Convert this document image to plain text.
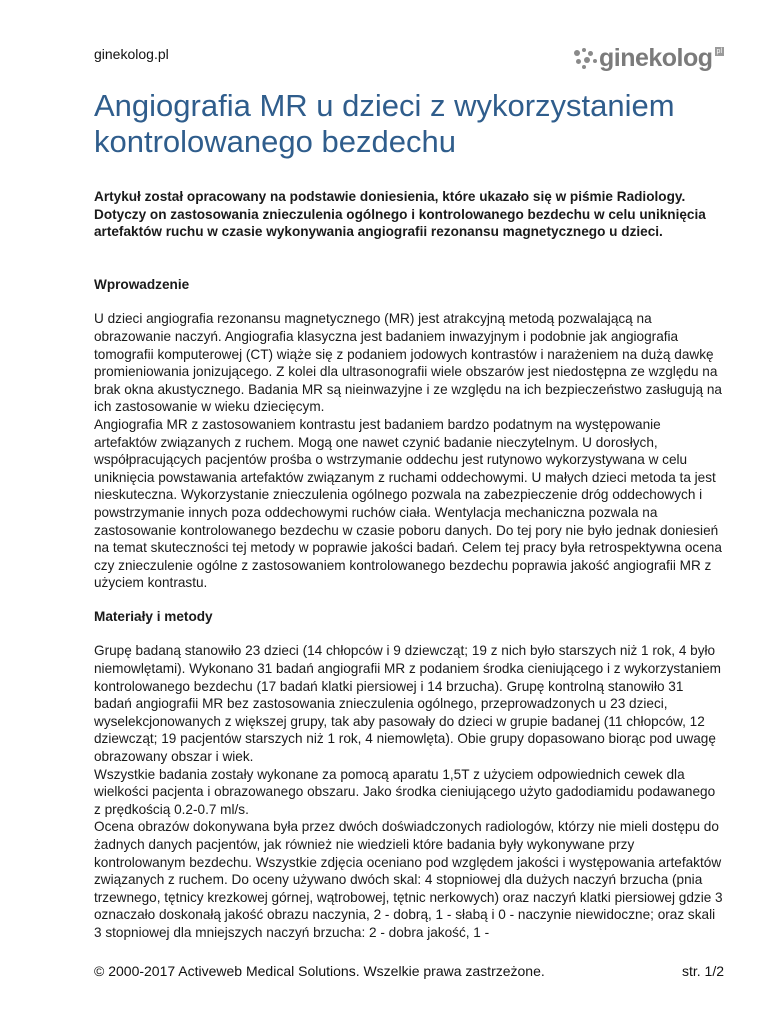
ginekolog.pl	ginekolog pl
Angiografia MR u dzieci z wykorzystaniem kontrolowanego bezdechu

Artykuł został opracowany na podstawie doniesienia, które ukazało się w piśmie Radiology. Dotyczy on zastosowania znieczulenia ogólnego i kontrolowanego bezdechu w celu uniknięcia artefaktów ruchu w czasie wykonywania angiografii rezonansu magnetycznego u dzieci.

Wprowadzenie

U dzieci angiografia rezonansu magnetycznego (MR) jest atrakcyjną metodą pozwalającą na obrazowanie naczyń. Angiografia klasyczna jest badaniem inwazyjnym i podobnie jak angiografia tomografii komputerowej (CT) wiąże się z podaniem jodowych kontrastów i narażeniem na dużą dawkę promieniowania jonizującego. Z kolei dla ultrasonografii wiele obszarów jest niedostępna ze względu na brak okna akustycznego. Badania MR są nieinwazyjne i ze względu na ich bezpieczeństwo zasługują na ich zastosowanie w wieku dziecięcym.

Angiografia MR z zastosowaniem kontrastu jest badaniem bardzo podatnym na występowanie artefaktów związanych z ruchem. Mogą one nawet czynić badanie nieczytelnym. U dorosłych, współpracujących pacjentów prośba o wstrzymanie oddechu jest rutynowo wykorzystywana w celu uniknięcia powstawania artefaktów związanym z ruchami oddechowymi. U małych dzieci metoda ta jest nieskuteczna. Wykorzystanie znieczulenia ogólnego pozwala na zabezpieczenie dróg oddechowych i powstrzymanie innych poza oddechowymi ruchów ciała. Wentylacja mechaniczna pozwala na zastosowanie kontrolowanego bezdechu w czasie poboru danych. Do tej pory nie było jednak doniesień na temat skuteczności tej metody w poprawie jakości badań. Celem tej pracy była retrospektywna ocena czy znieczulenie ogólne z zastosowaniem kontrolowanego bezdechu poprawia jakość angiografii MR z użyciem kontrastu.

Materiały i metody

Grupę badaną stanowiło 23 dzieci (14 chłopców i 9 dziewcząt; 19 z nich było starszych niż 1 rok, 4 było niemowlętami). Wykonano 31 badań angiografii MR z podaniem środka cieniującego i z wykorzystaniem kontrolowanego bezdechu (17 badań klatki piersiowej i 14 brzucha). Grupę kontrolną stanowiło 31 badań angiografii MR bez zastosowania znieczulenia ogólnego, przeprowadzonych u 23 dzieci, wyselekcjonowanych z większej grupy, tak aby pasowały do dzieci w grupie badanej (11 chłopców, 12 dziewcząt; 19 pacjentów starszych niż 1 rok, 4 niemowlęta). Obie grupy dopasowano biorąc pod uwagę obrazowany obszar i wiek.

Wszystkie badania zostały wykonane za pomocą aparatu 1,5T z użyciem odpowiednich cewek dla wielkości pacjenta i obrazowanego obszaru. Jako środka cieniującego użyto gadodiamidu podawanego z prędkością 0.2-0.7 ml/s.

Ocena obrazów dokonywana była przez dwóch doświadczonych radiologów, którzy nie mieli dostępu do żadnych danych pacjentów, jak również nie wiedzieli które badania były wykonywane przy kontrolowanym bezdechu. Wszystkie zdjęcia oceniano pod względem jakości i występowania artefaktów związanych z ruchem. Do oceny używano dwóch skal: 4 stopniowej dla dużych naczyń brzucha (pnia trzewnego, tętnicy krezkowej górnej, wątrobowej, tętnic nerkowych) oraz naczyń klatki piersiowej gdzie 3 oznaczało doskonałą jakość obrazu naczynia, 2 - dobrą, 1 - słabą i 0 - naczynie niewidoczne; oraz skali 3 stopniowej dla mniejszych naczyń brzucha: 2 - dobra jakość, 1 -

© 2000-2017 Activeweb Medical Solutions. Wszelkie prawa zastrzeżone.	str. 1/2
